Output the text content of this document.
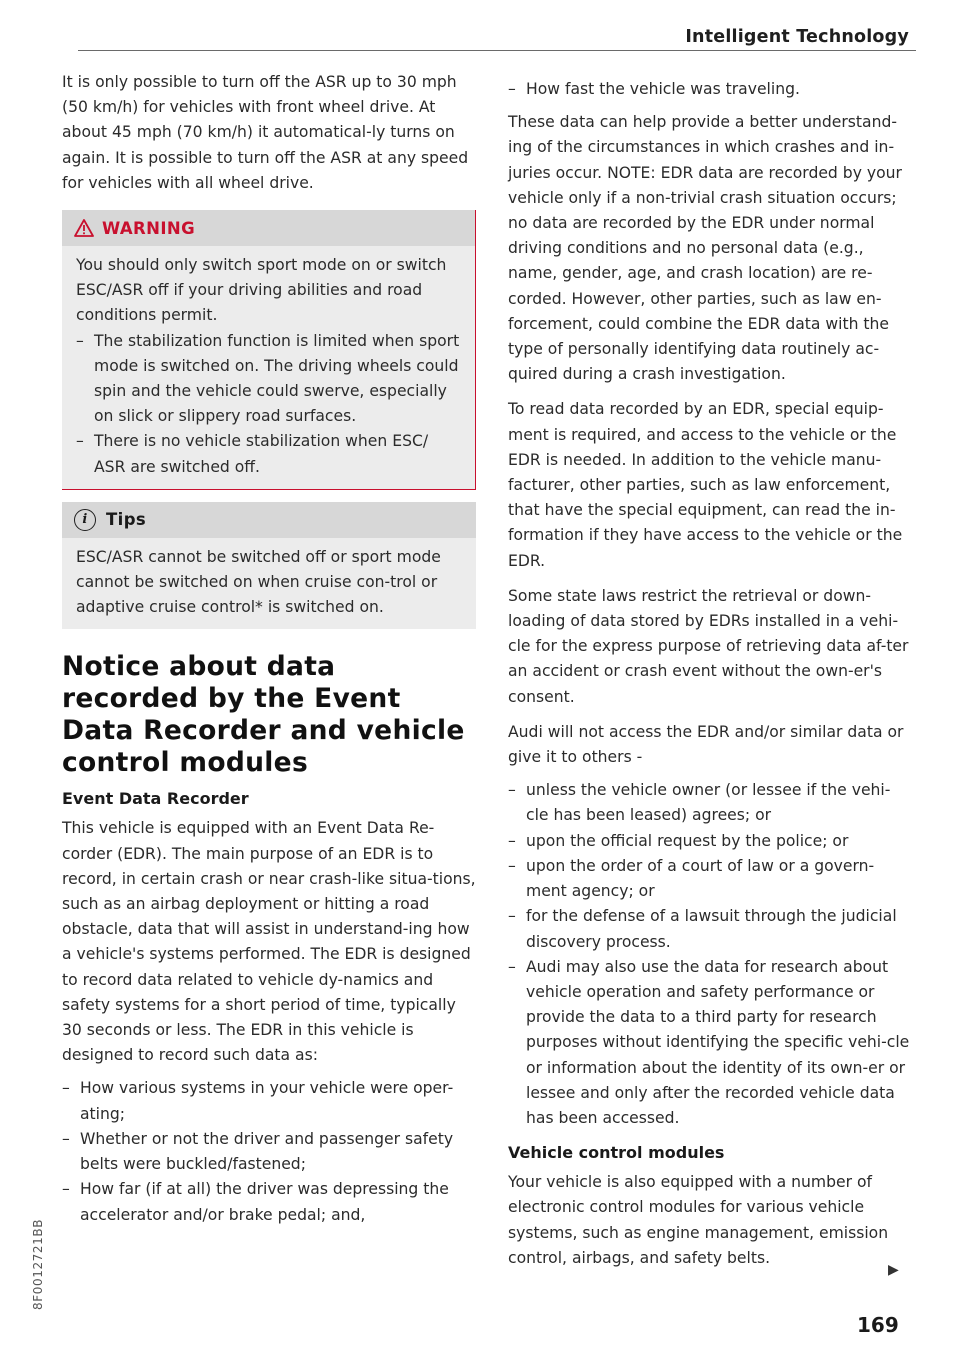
Intelligent Technology

It is only possible to turn off the ASR up to 30 mph (50 km/h) for vehicles with front wheel drive. At about 45 mph (70 km/h) it automatical-ly turns on again. It is possible to turn off the ASR at any speed for vehicles with all wheel drive.

WARNING

You should only switch sport mode on or switch ESC/ASR off if your driving abilities and road conditions permit.

– The stabilization function is limited when sport mode is switched on. The driving wheels could spin and the vehicle could swerve, especially on slick or slippery road surfaces.

– There is no vehicle stabilization when ESC/ ASR are switched off.

i	Tips

ESC/ASR cannot be switched off or sport mode cannot be switched on when cruise con-trol or adaptive cruise control* is switched on.

Notice about data recorded by the Event Data Recorder and vehicle control modules
Event Data Recorder

This vehicle is equipped with an Event Data Re-corder (EDR). The main purpose of an EDR is to record, in certain crash or near crash-like situa-tions, such as an airbag deployment or hitting a road obstacle, data that will assist in understand-ing how a vehicle's systems performed. The EDR is designed to record data related to vehicle dy-namics and safety systems for a short period of time, typically 30 seconds or less. The EDR in this vehicle is designed to record such data as:

– How various systems in your vehicle were oper-ating;

– Whether or not the driver and passenger safety belts were buckled/fastened;

– How far (if at all) the driver was depressing the accelerator and/or brake pedal; and,

– How fast the vehicle was traveling.

These data can help provide a better understand-ing of the circumstances in which crashes and in-juries occur. NOTE: EDR data are recorded by your vehicle only if a non-trivial crash situation occurs; no data are recorded by the EDR under normal driving conditions and no personal data (e.g., name, gender, age, and crash location) are re-corded. However, other parties, such as law en-forcement, could combine the EDR data with the type of personally identifying data routinely ac-quired during a crash investigation.

To read data recorded by an EDR, special equip-ment is required, and access to the vehicle or the EDR is needed. In addition to the vehicle manu-facturer, other parties, such as law enforcement, that have the special equipment, can read the in-formation if they have access to the vehicle or the EDR.

Some state laws restrict the retrieval or down-loading of data stored by EDRs installed in a vehi-cle for the express purpose of retrieving data af-ter an accident or crash event without the own-er's consent.

Audi will not access the EDR and/or similar data or give it to others -

– unless the vehicle owner (or lessee if the vehi-cle has been leased) agrees; or

– upon the official request by the police; or

– upon the order of a court of law or a govern-ment agency; or

– for the defense of a lawsuit through the judicial discovery process.

– Audi may also use the data for research about vehicle operation and safety performance or provide the data to a third party for research purposes without identifying the specific vehi-cle or information about the identity of its own-er or lessee and only after the recorded vehicle data has been accessed.

Vehicle control modules

Your vehicle is also equipped with a number of electronic control modules for various vehicle systems, such as engine management, emission control, airbags, and safety belts.

▶
169
8F0012721BB
